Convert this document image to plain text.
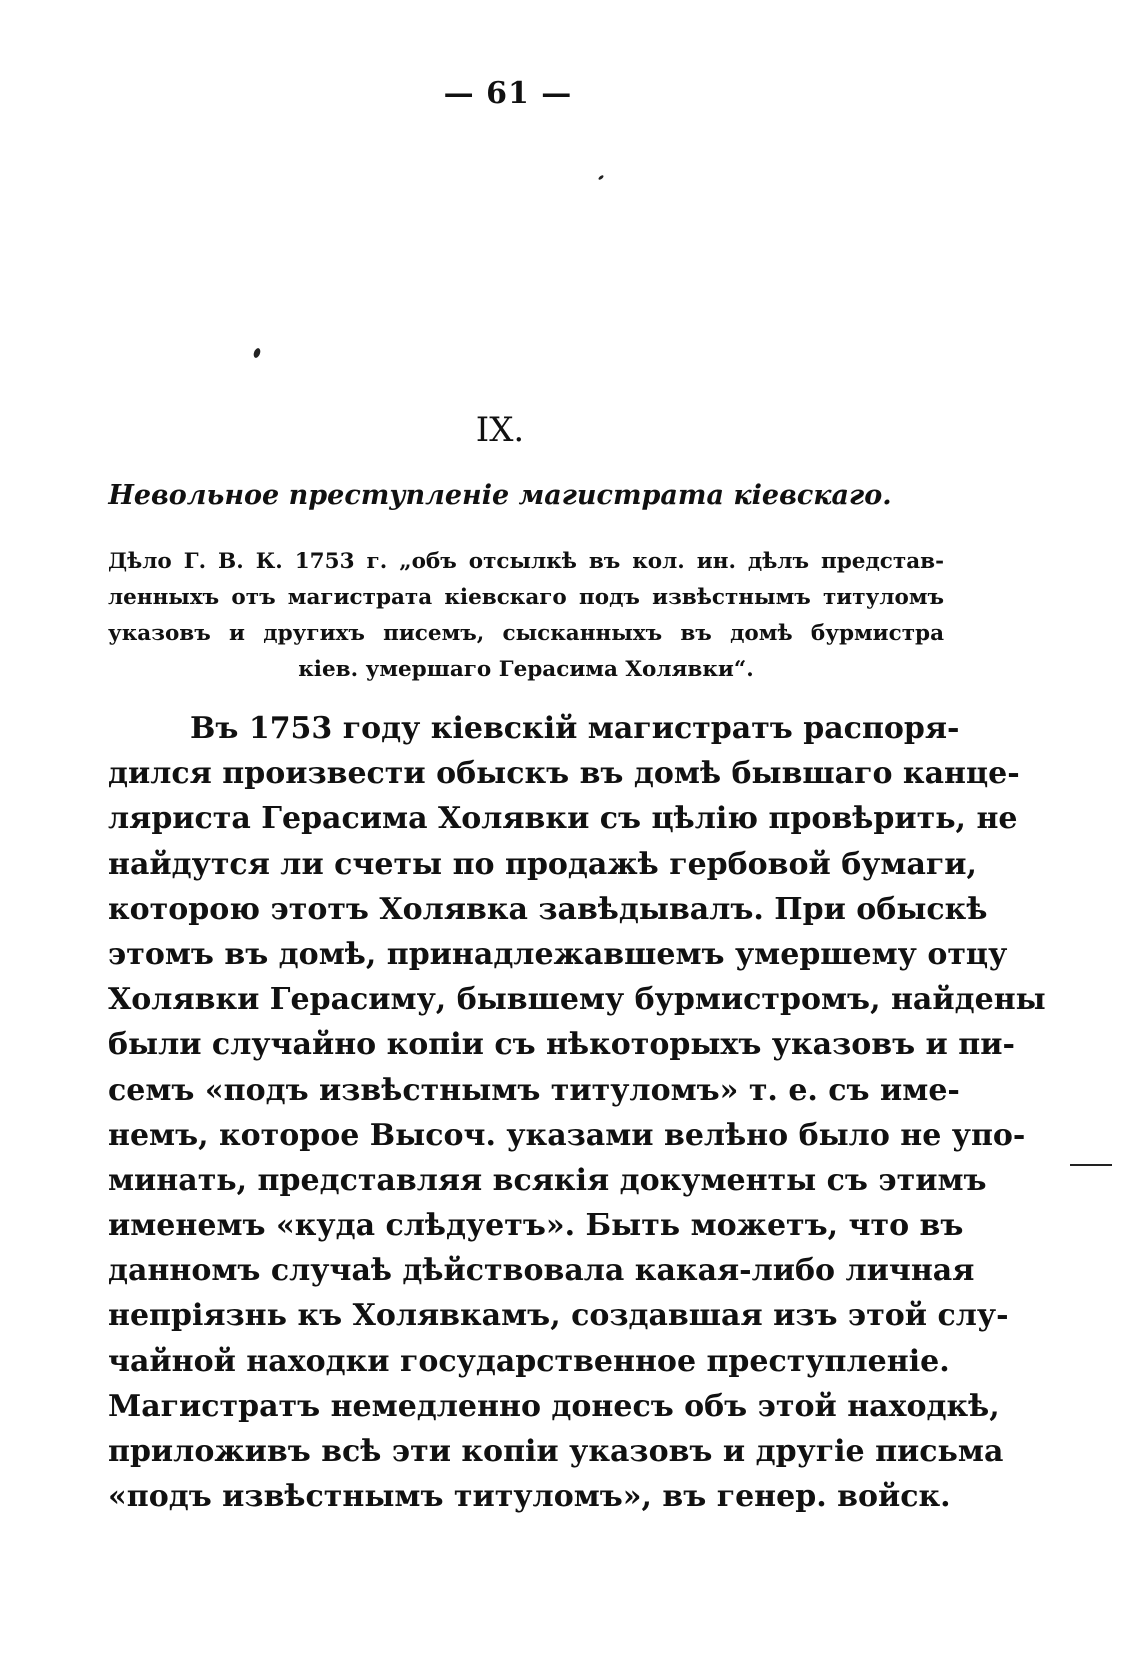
— 61 —
IX.
Невольное преступленіе магистрата кіевскаго.
Дѣло Г. В. К. 1753 г. „объ отсылкѣ въ кол. ин. дѣлъ представ-
ленныхъ отъ магистрата кіевскаго подъ извѣстнымъ титуломъ
указовъ и другихъ писемъ, сысканныхъ въ домѣ бурмистра
кіев. умершаго Герасима Холявки“.
Въ 1753 году кіевскій магистратъ распоря-
дился произвести обыскъ въ домѣ бывшаго канце-
ляриста Герасима Холявки съ цѣлію провѣрить, не
найдутся ли счеты по продажѣ гербовой бумаги,
которою этотъ Холявка завѣдывалъ. При обыскѣ
этомъ въ домѣ, принадлежавшемъ умершему отцу
Холявки Герасиму, бывшему бурмистромъ, найдены
были случайно копіи съ нѣкоторыхъ указовъ и пи-
семъ «подъ извѣстнымъ титуломъ» т. е. съ име-
немъ, которое Высоч. указами велѣно было не упо-
минать, представляя всякія документы съ этимъ
именемъ «куда слѣдуетъ». Быть можетъ, что въ
данномъ случаѣ дѣйствовала какая-либо личная
непріязнь къ Холявкамъ, создавшая изъ этой слу-
чайной находки государственное преступленіе.
Магистратъ немедленно донесъ объ этой находкѣ,
приложивъ всѣ эти копіи указовъ и другіе письма
«подъ извѣстнымъ титуломъ», въ генер. войск.
